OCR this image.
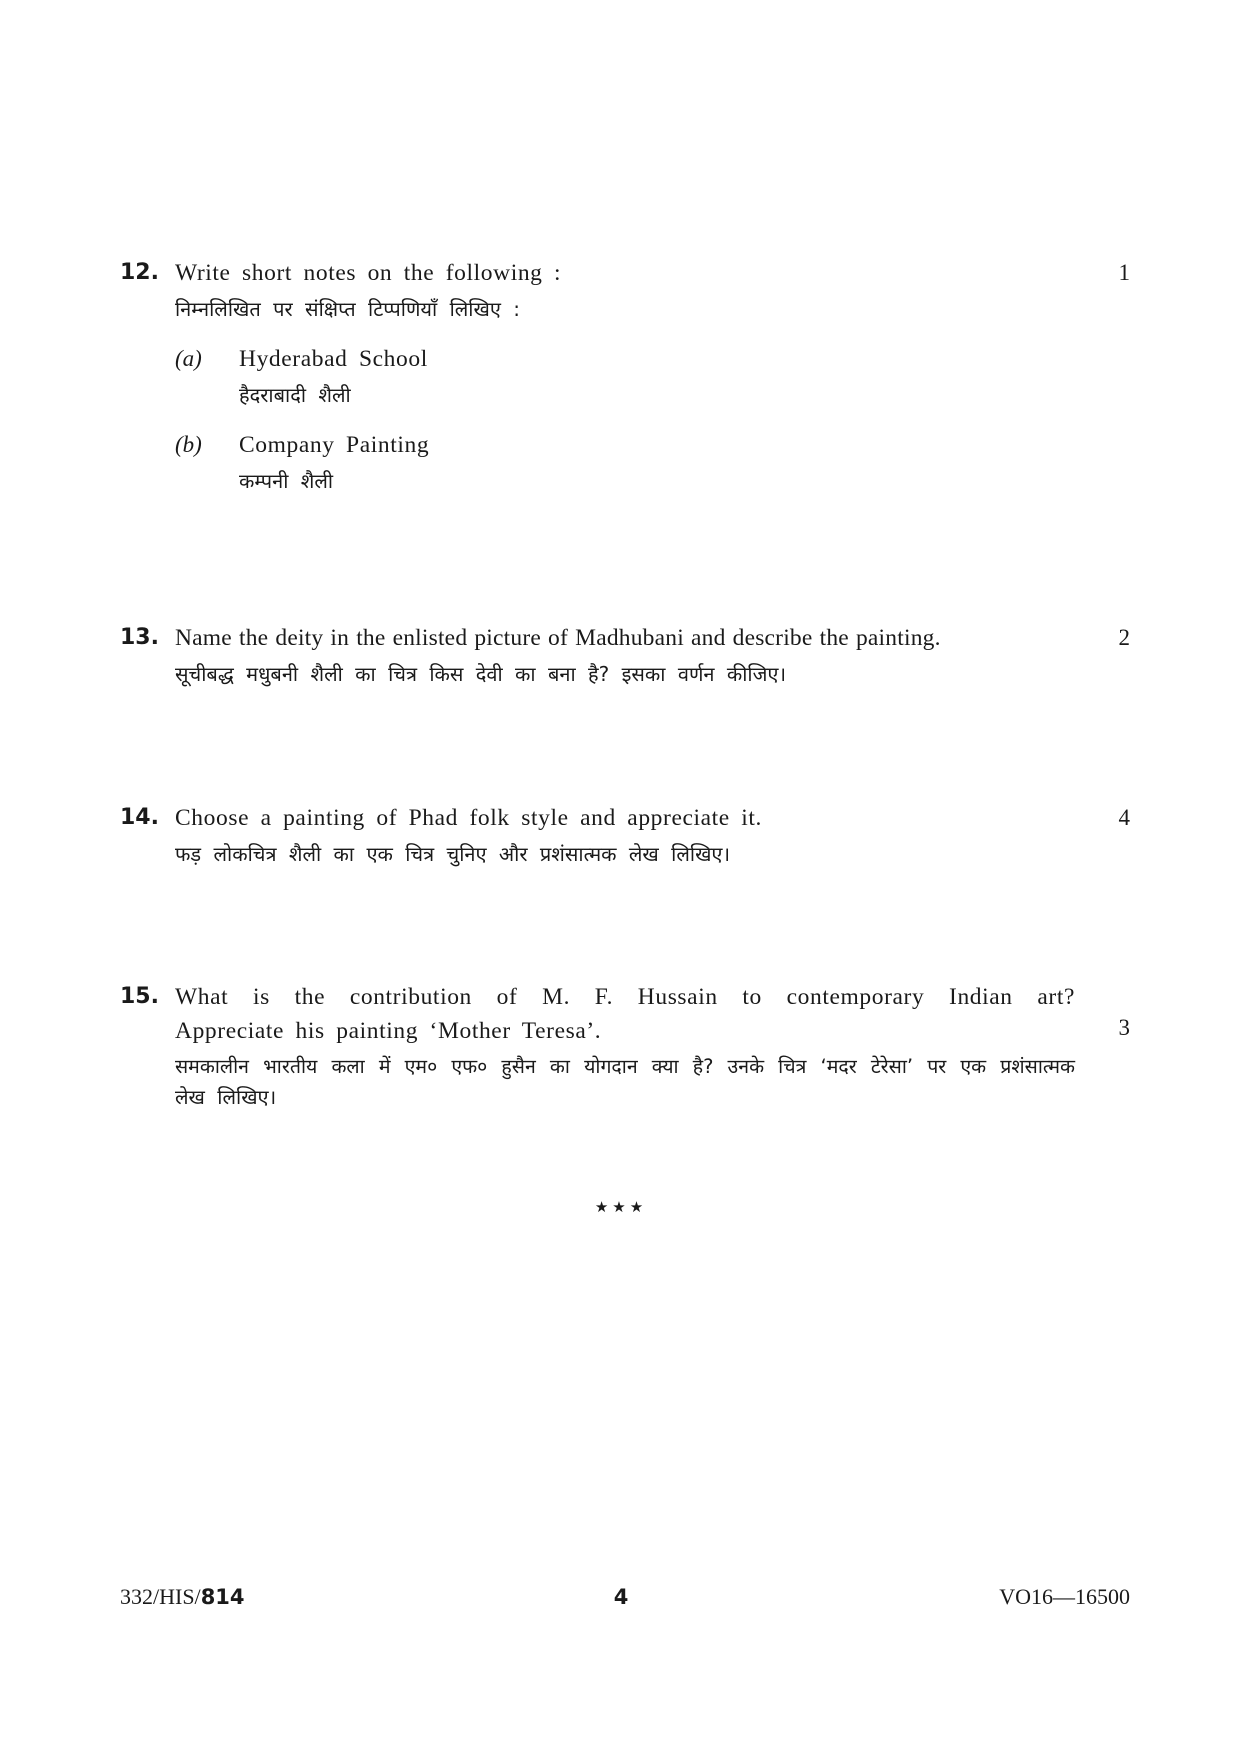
12. Write short notes on the following :
निम्नलिखित पर संक्षिप्त टिप्पणियाँ लिखिए :
(a) Hyderabad School
हैदराबादी शैली
(b) Company Painting
कम्पनी शैली
1
13. Name the deity in the enlisted picture of Madhubani and describe the painting.
सूचीबद्ध मधुबनी शैली का चित्र किस देवी का बना है? इसका वर्णन कीजिए।
2
14. Choose a painting of Phad folk style and appreciate it.
फड़ लोकचित्र शैली का एक चित्र चुनिए और प्रशंसात्मक लेख लिखिए।
4
15. What is the contribution of M. F. Hussain to contemporary Indian art?
Appreciate his painting ‘Mother Teresa’.
समकालीन भारतीय कला में एम० एफ० हुसैन का योगदान क्या है? उनके चित्र ‘मदर टेरेसा’ पर एक प्रशंसात्मक
लेख लिखिए।
3
★★★
332/HIS/814	4	VO16—16500
